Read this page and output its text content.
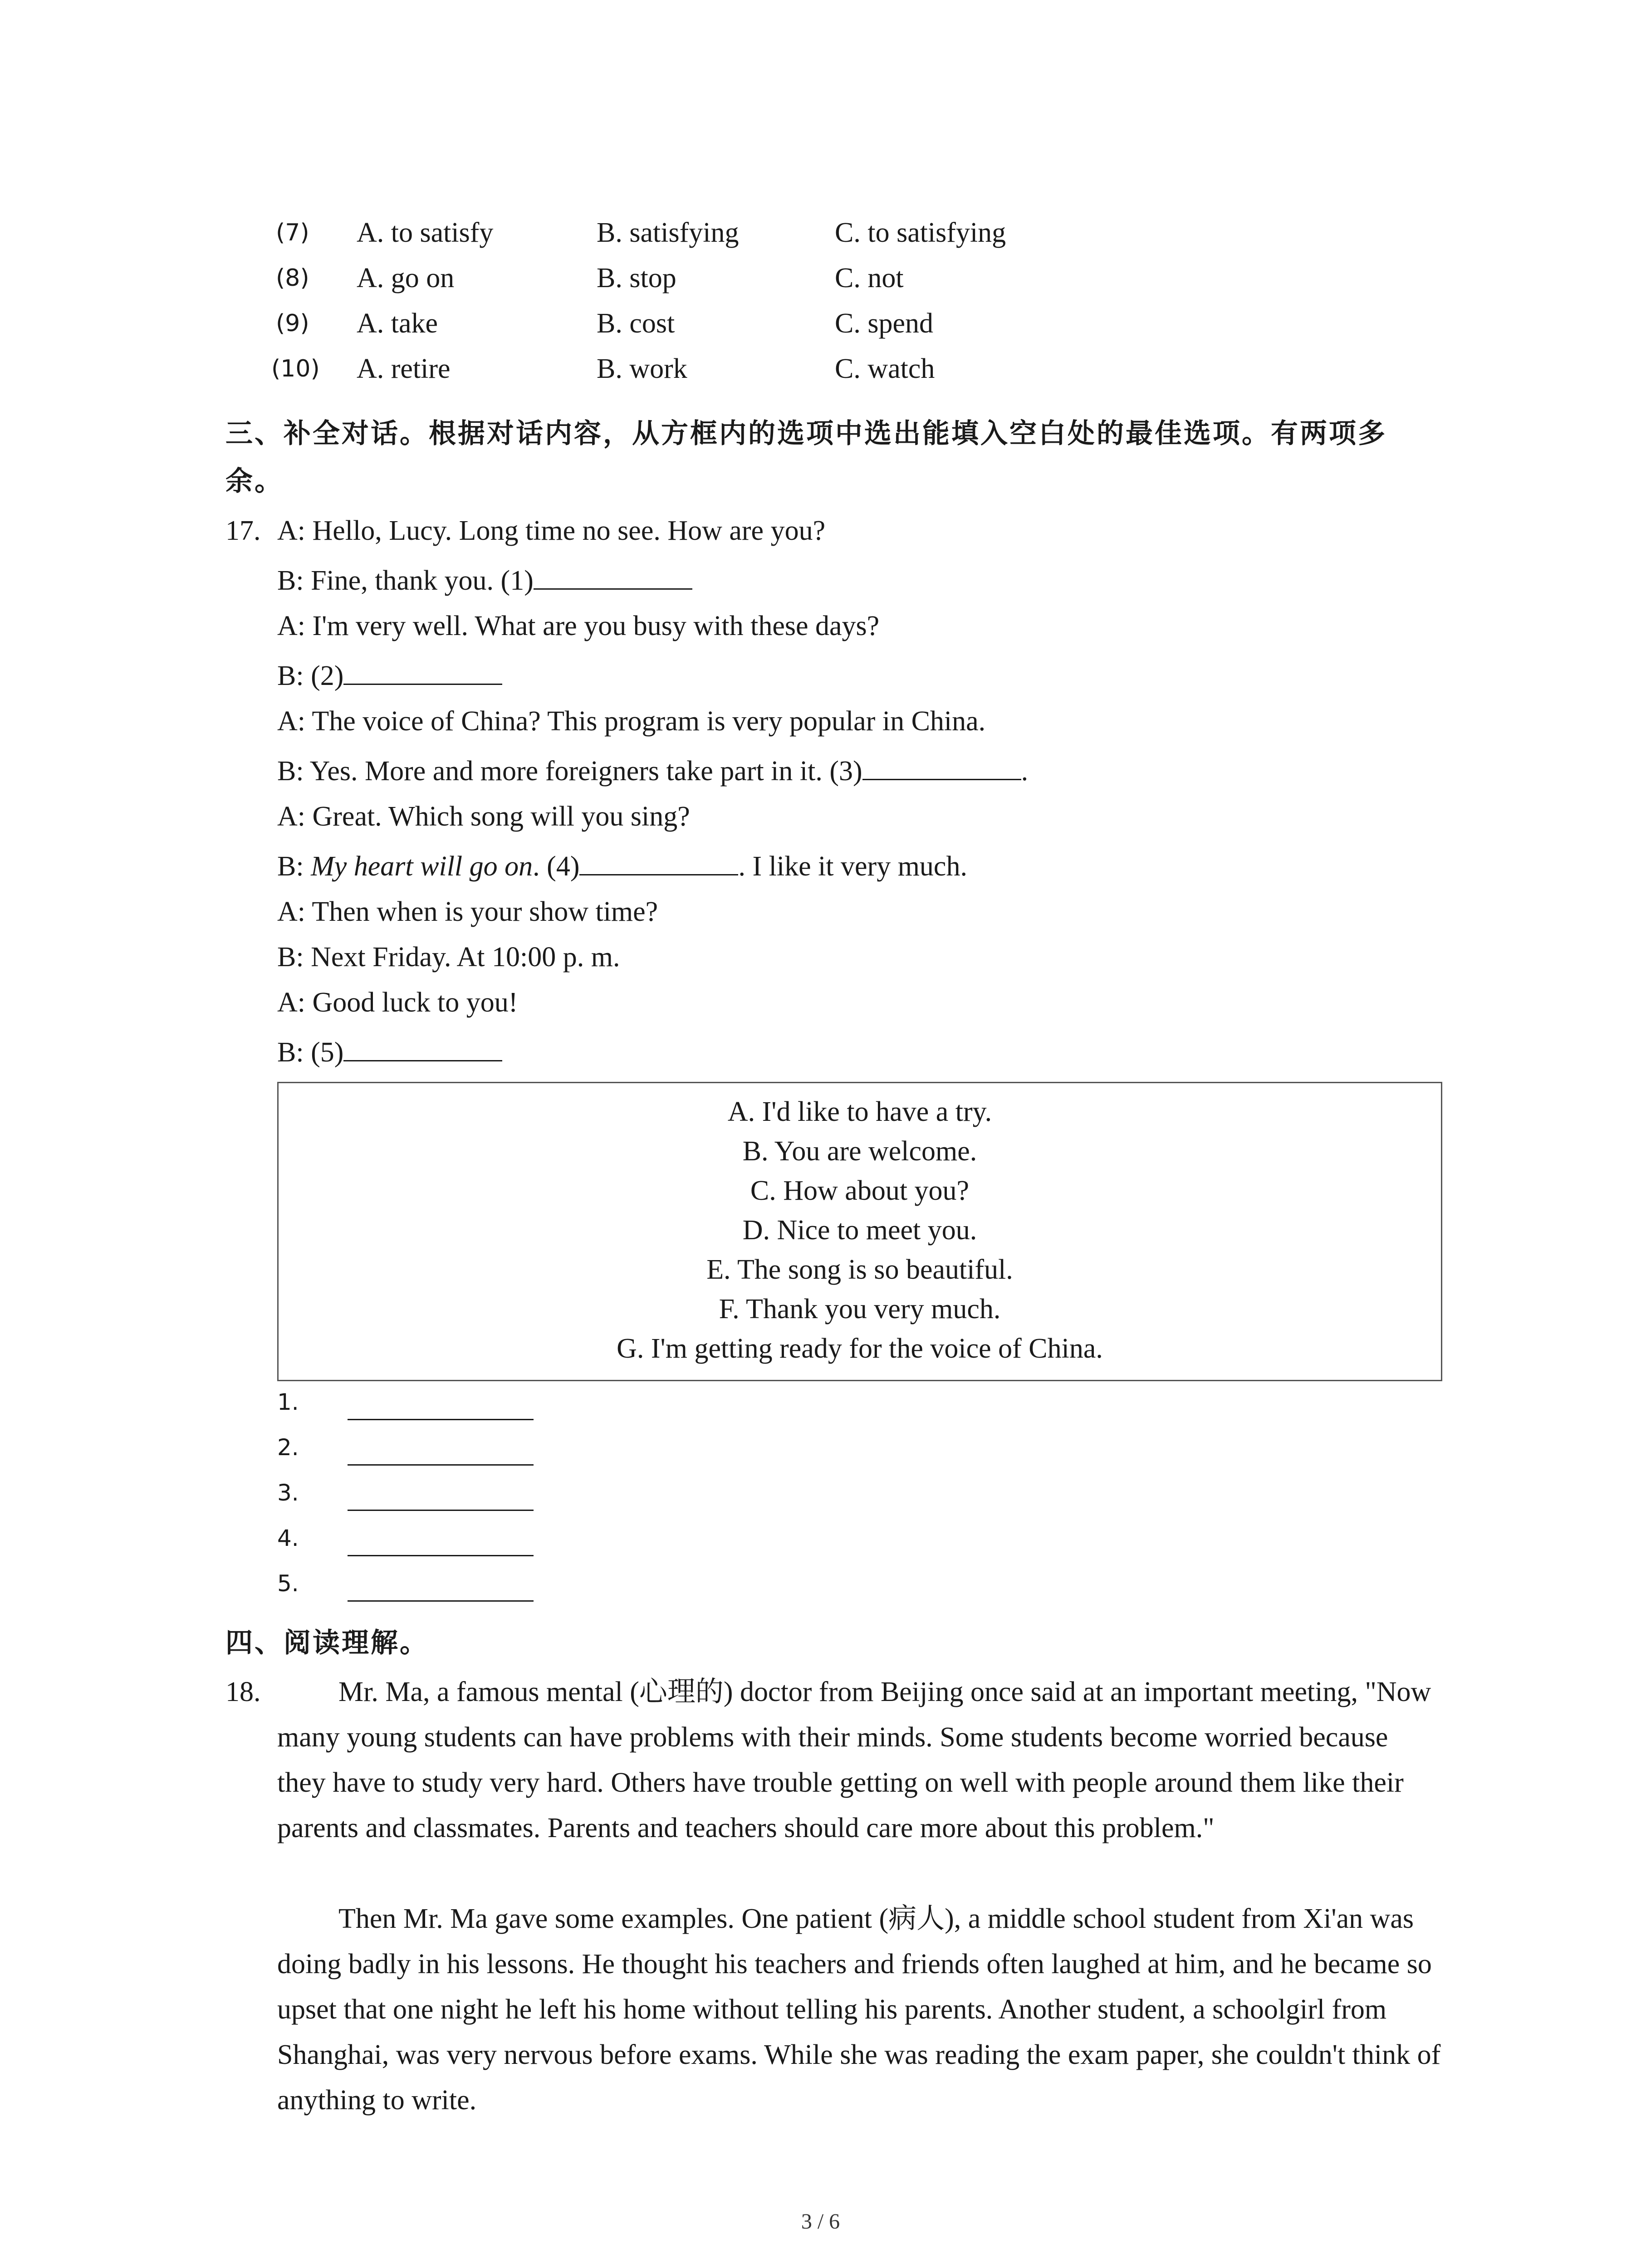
(7) A. to satisfy	B. satisfying	C. to satisfying
(8) A. go on	B. stop	C. not
(9) A. take	B. cost	C. spend
(10) A. retire	B. work	C. watch
三、补全对话。根据对话内容，从方框内的选项中选出能填入空白处的最佳选项。有两项多
余。
17. A: Hello, Lucy. Long time no see. How are you?
B: Fine, thank you. (1)
A: I'm very well. What are you busy with these days?
B: (2)
A: The voice of China? This program is very popular in China.
B: Yes. More and more foreigners take part in it. (3)	.
A: Great. Which song will you sing?
B: My heart will go on. (4)	. I like it very much.
A: Then when is your show time?
B: Next Friday. At 10:00 p. m.
A: Good luck to you!
B: (5)
A. I'd like to have a try.
B. You are welcome.
C. How about you?
D. Nice to meet you.
E. The song is so beautiful.
F. Thank you very much.
G. I'm getting ready for the voice of China.
1.
2.
3.
4.
5.
四、阅读理解。
18.	Mr. Ma, a famous mental (心理的) doctor from Beijing once said at an important meeting, "Now many young students can have problems with their minds. Some students become worried because they have to study very hard. Others have trouble getting on well with people around them like their parents and classmates. Parents and teachers should care more about this problem."
Then Mr. Ma gave some examples. One patient (病人), a middle school student from Xi'an was doing badly in his lessons. He thought his teachers and friends often laughed at him, and he became so upset that one night he left his home without telling his parents. Another student, a schoolgirl from Shanghai, was very nervous before exams. While she was reading the exam paper, she couldn't think of anything to write.
3 / 6
